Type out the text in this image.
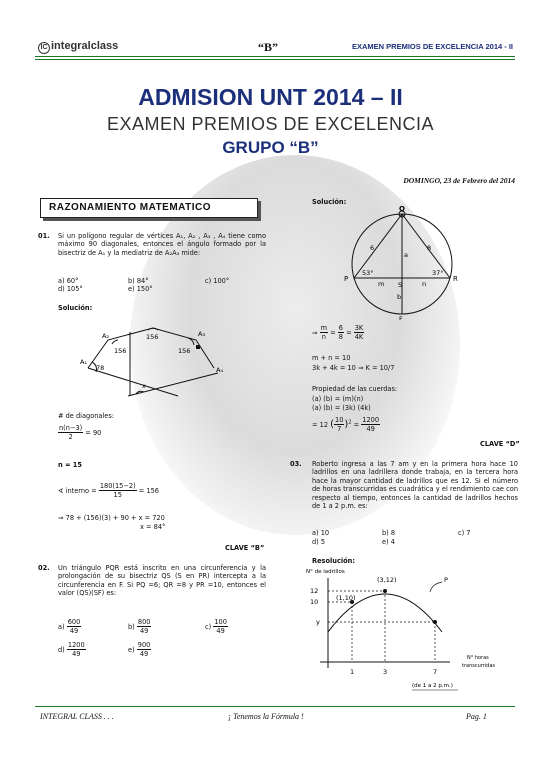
IC integralclass	“B”	EXAMEN PREMIOS DE EXCELENCIA 2014 - II
ADMISION UNT 2014 – II
EXAMEN PREMIOS DE EXCELENCIA
GRUPO “B”
DOMINGO, 23 de Febrero del 2014
RAZONAMIENTO MATEMATICO
01. Si un polígono regular de vértices A₁, A₂ , A₃ , A₄ tiene como máximo 90 diagonales, entonces el ángulo formado por la bisectriz de A₁ y la mediatriz de A₂A₃ mide:
a) 60°	b) 84°	c) 100°
d) 105°	e) 150°
Solución:
A₂	A₃
A₁
A₄
156
156
156
78
x
# de diagonales:
$\frac{n(n-3)}{2} = 90$
n = 15
∢ interno = $\frac{180(15-2)}{15} = 156$
⇒ 78 + (156)(3) + 90 + x = 720
x = 84°
CLAVE “B”
02. Un triángulo PQR está inscrito en una circunferencia y la prolongación de su bisectriz QS (S en PR) intercepta a la circunferencia en F. Si PQ =6; QR =8 y PR =10, entonces el valor (QS)(SF) es:
$a) \frac{600}{49}$	$b) \frac{800}{49}$	$c) \frac{100}{49}$
$d) \frac{1200}{49}$	$e) \frac{900}{49}$
Solución:
Q
6	8
a
P
53°	37°
R
m S	n
b
F
⇒ $\frac{m}{n} = \frac{6}{8} = \frac{3K}{4K}$
m + n = 10
3k + 4k = 10 ⇒ K = 10/7
Propiedad de las cuerdas:
(a) (b) = (m)(n)
(a) (b) = (3k) (4k)
= 12 ( $\frac{10}{7} )^2 = \frac{1200}{49}$
CLAVE “D”
03. Roberto ingresa a las 7 am y en la primera hora hace 10 ladrillos en una ladrillera donde trabaja, en la tercera hora hace la mayor cantidad de ladrillos que es 12. Si el número de horas transcurridas es cuadrática y el rendimiento cae con respecto al tiempo, entonces la cantidad de ladrillos hechos de 1 a 2 p.m. es:
a) 10	b) 8	c) 7
d) 5	e) 4
Resolución:
N° de ladrillos
12
10
y
1	3	7
(1,10)
(3,12)	P
N° horas
transcurridas
(de 1 a 2 p.m.)
INTEGRAL CLASS . . .	¡ Tenemos la Fórmula !	Pag. 1
